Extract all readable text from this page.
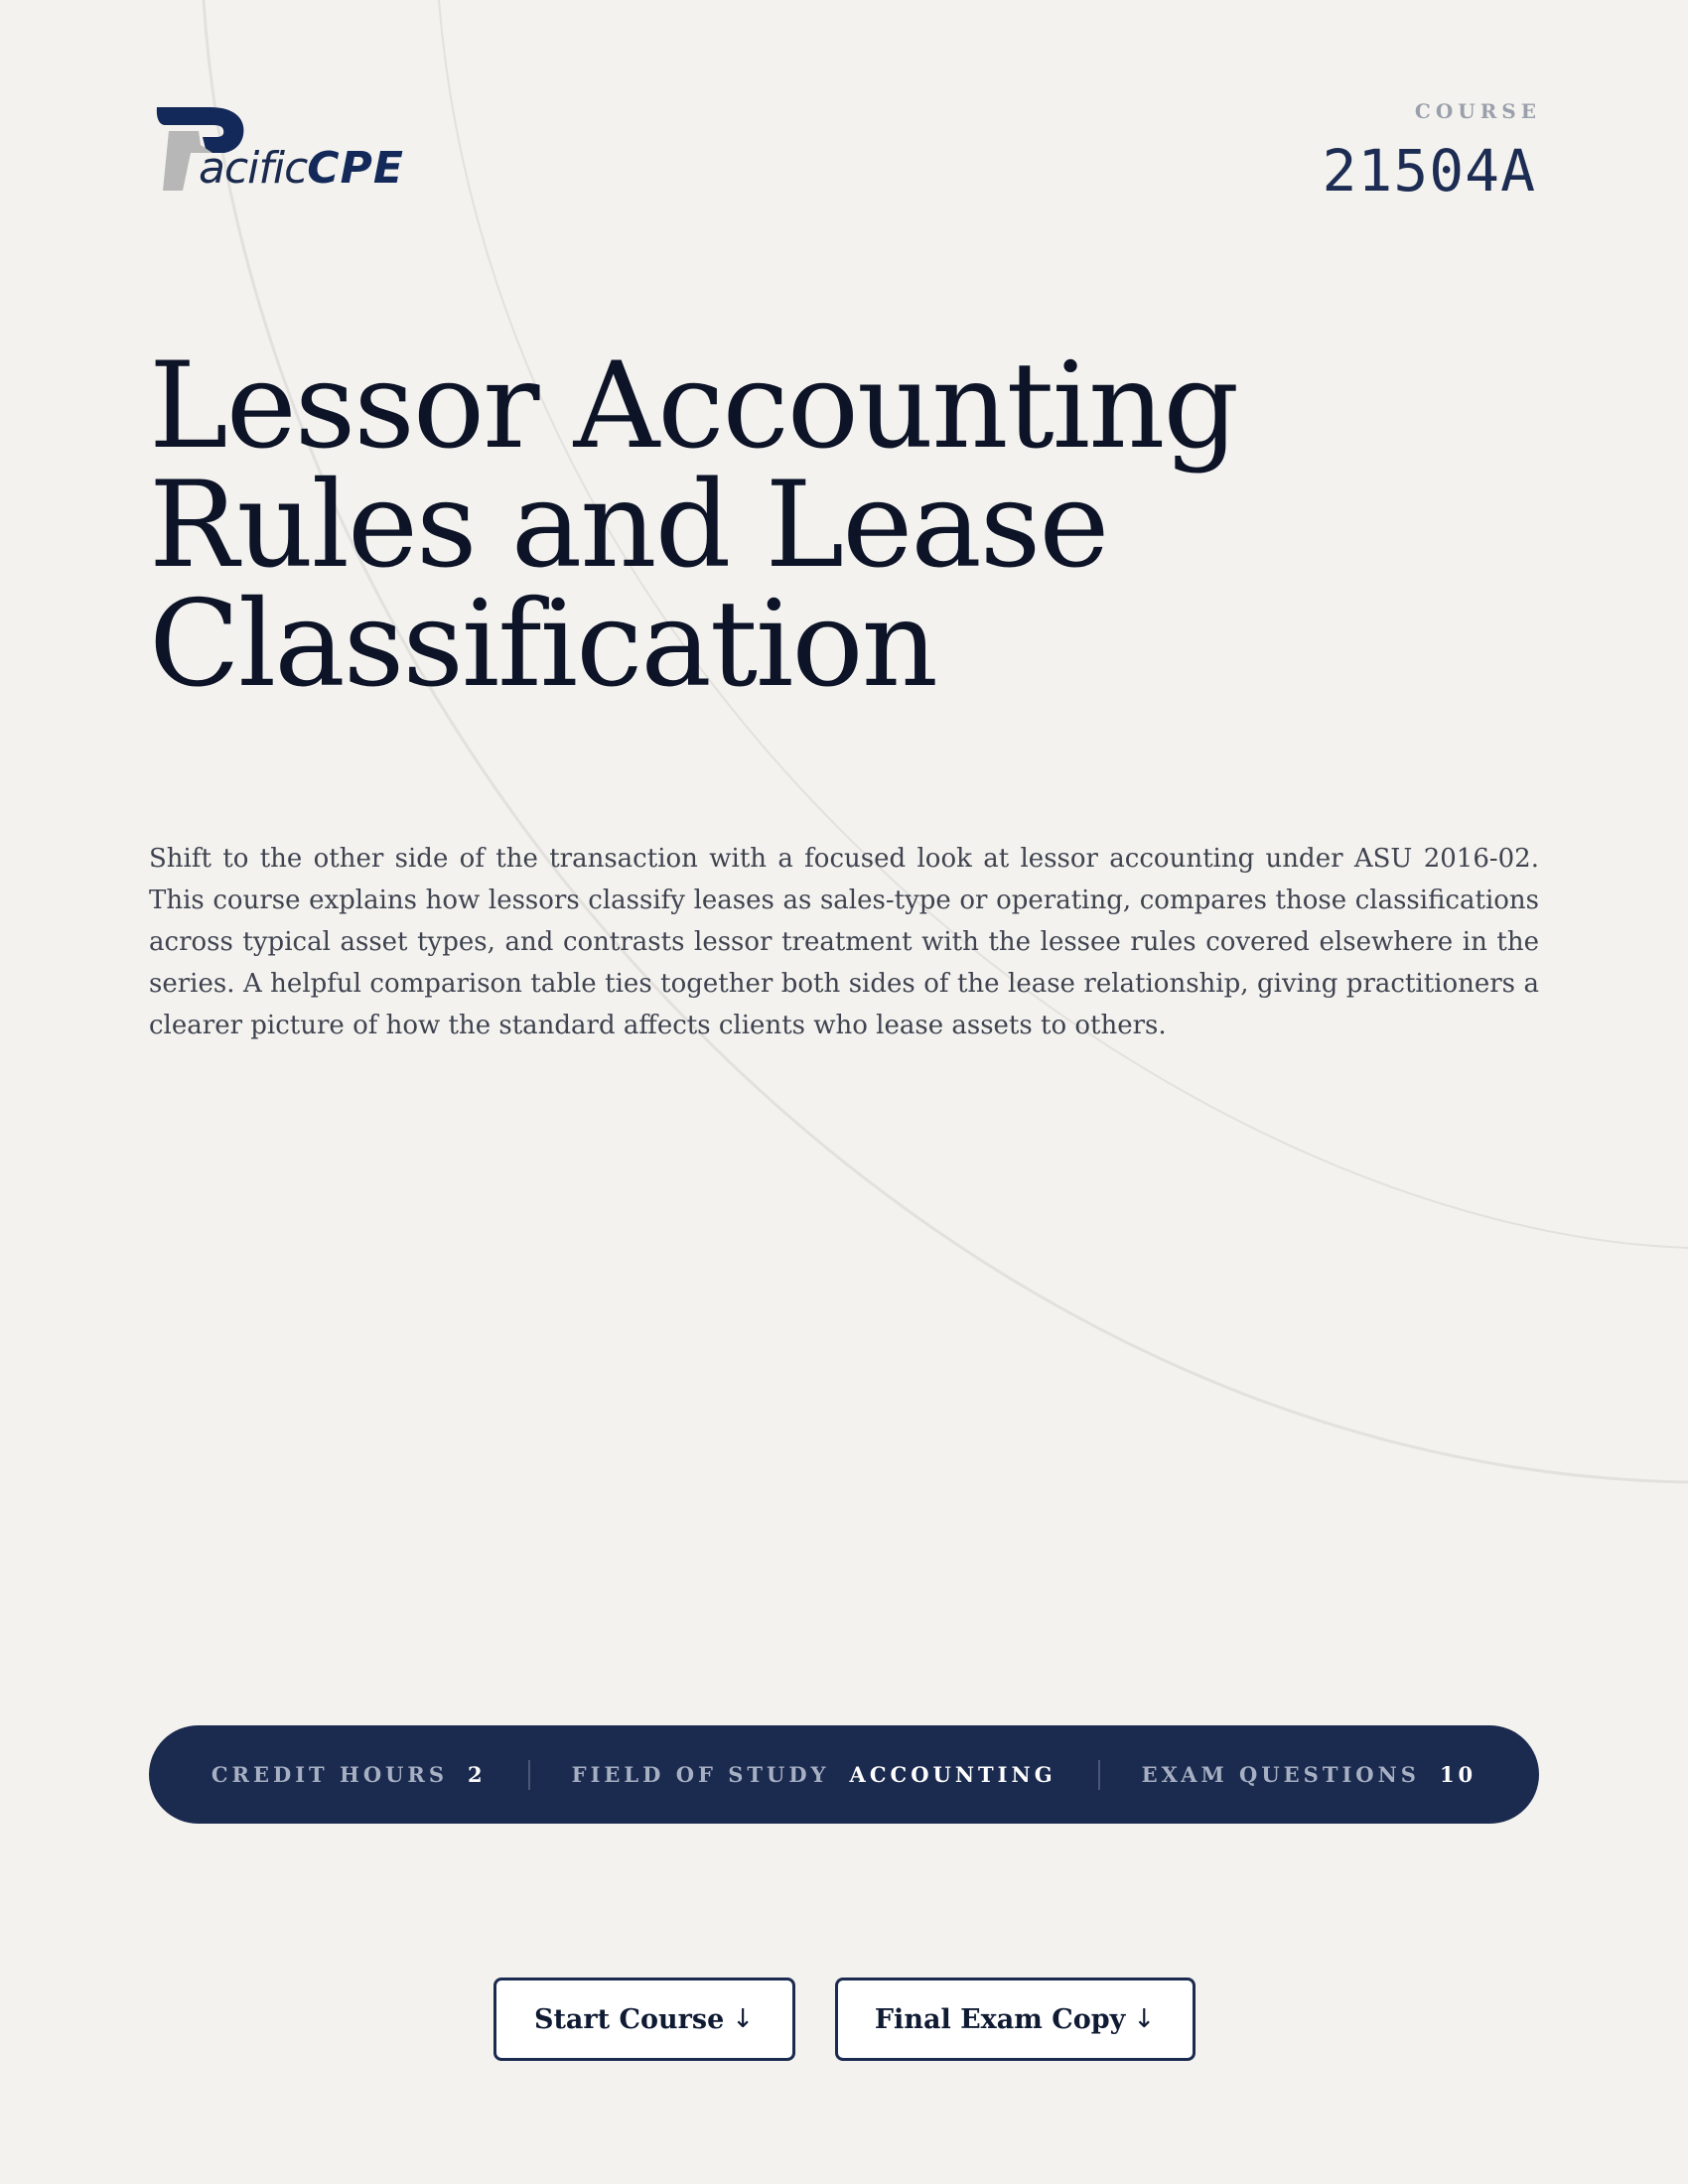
acificCPE
COURSE
21504A
Lessor Accounting
Rules and Lease
Classification

Shift to the other side of the transaction with a focused look at lessor accounting under ASU 2016-02. This course explains how lessors classify leases as sales-type or operating, compares those classifications across typical asset types, and contrasts lessor treatment with the lessee rules covered elsewhere in the series. A helpful comparison table ties together both sides of the lease relationship, giving practitioners a clearer picture of how the standard affects clients who lease assets to others.

CREDIT HOURS 2	FIELD OF STUDY ACCOUNTING	EXAM QUESTIONS 10
Start Course ↓	Final Exam Copy ↓
